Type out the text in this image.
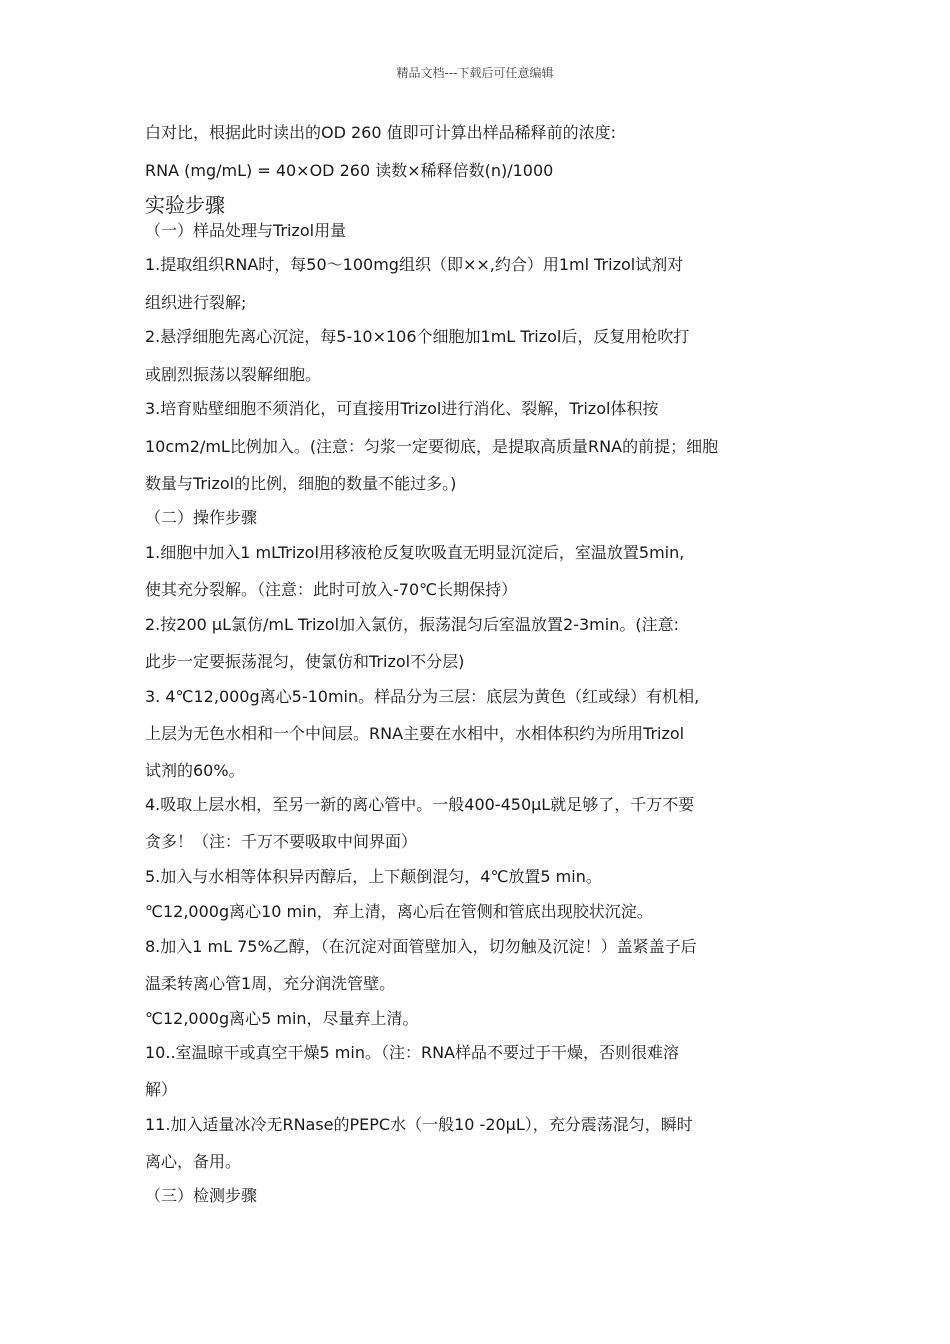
精品文档---下载后可任意编辑
白对比，根据此时读出的OD 260 值即可计算出样品稀释前的浓度:
RNA (mg/mL) = 40×OD 260 读数×稀释倍数(n)/1000
实验步骤
（一）样品处理与Trizol用量
1.提取组织RNA时，每50～100mg组织（即××,约合）用1ml Trizol试剂对
组织进行裂解;
2.悬浮细胞先离心沉淀，每5-10×106个细胞加1mL Trizol后，反复用枪吹打
或剧烈振荡以裂解细胞。
3.培育贴壁细胞不须消化，可直接用Trizol进行消化、裂解，Trizol体积按
10cm2/mL比例加入。(注意：匀浆一定要彻底，是提取高质量RNA的前提；细胞
数量与Trizol的比例，细胞的数量不能过多。)
（二）操作步骤
1.细胞中加入1 mLTrizol用移液枪反复吹吸直无明显沉淀后，室温放置5min,
使其充分裂解。（注意：此时可放入-70℃长期保持）
2.按200 μL氯仿/mL Trizol加入氯仿，振荡混匀后室温放置2-3min。(注意:
此步一定要振荡混匀，使氯仿和Trizol不分层)
3. 4℃12,000g离心5-10min。样品分为三层：底层为黄色（红或绿）有机相,
上层为无色水相和一个中间层。RNA主要在水相中，水相体积约为所用Trizol
试剂的60%。
4.吸取上层水相，至另一新的离心管中。一般400-450μL就足够了，千万不要
贪多！（注：千万不要吸取中间界面）
5.加入与水相等体积异丙醇后，上下颠倒混匀，4℃放置5 min。
℃12,000g离心10 min，弃上清，离心后在管侧和管底出现胶状沉淀。
8.加入1 mL 75%乙醇，（在沉淀对面管壁加入，切勿触及沉淀！）盖紧盖子后
温柔转离心管1周，充分润洗管壁。
℃12,000g离心5 min，尽量弃上清。
10..室温晾干或真空干燥5 min。（注：RNA样品不要过于干燥，否则很难溶
解）
11.加入适量冰冷无RNase的PEPC水（一般10 -20μL），充分震荡混匀，瞬时
离心，备用。
（三）检测步骤
